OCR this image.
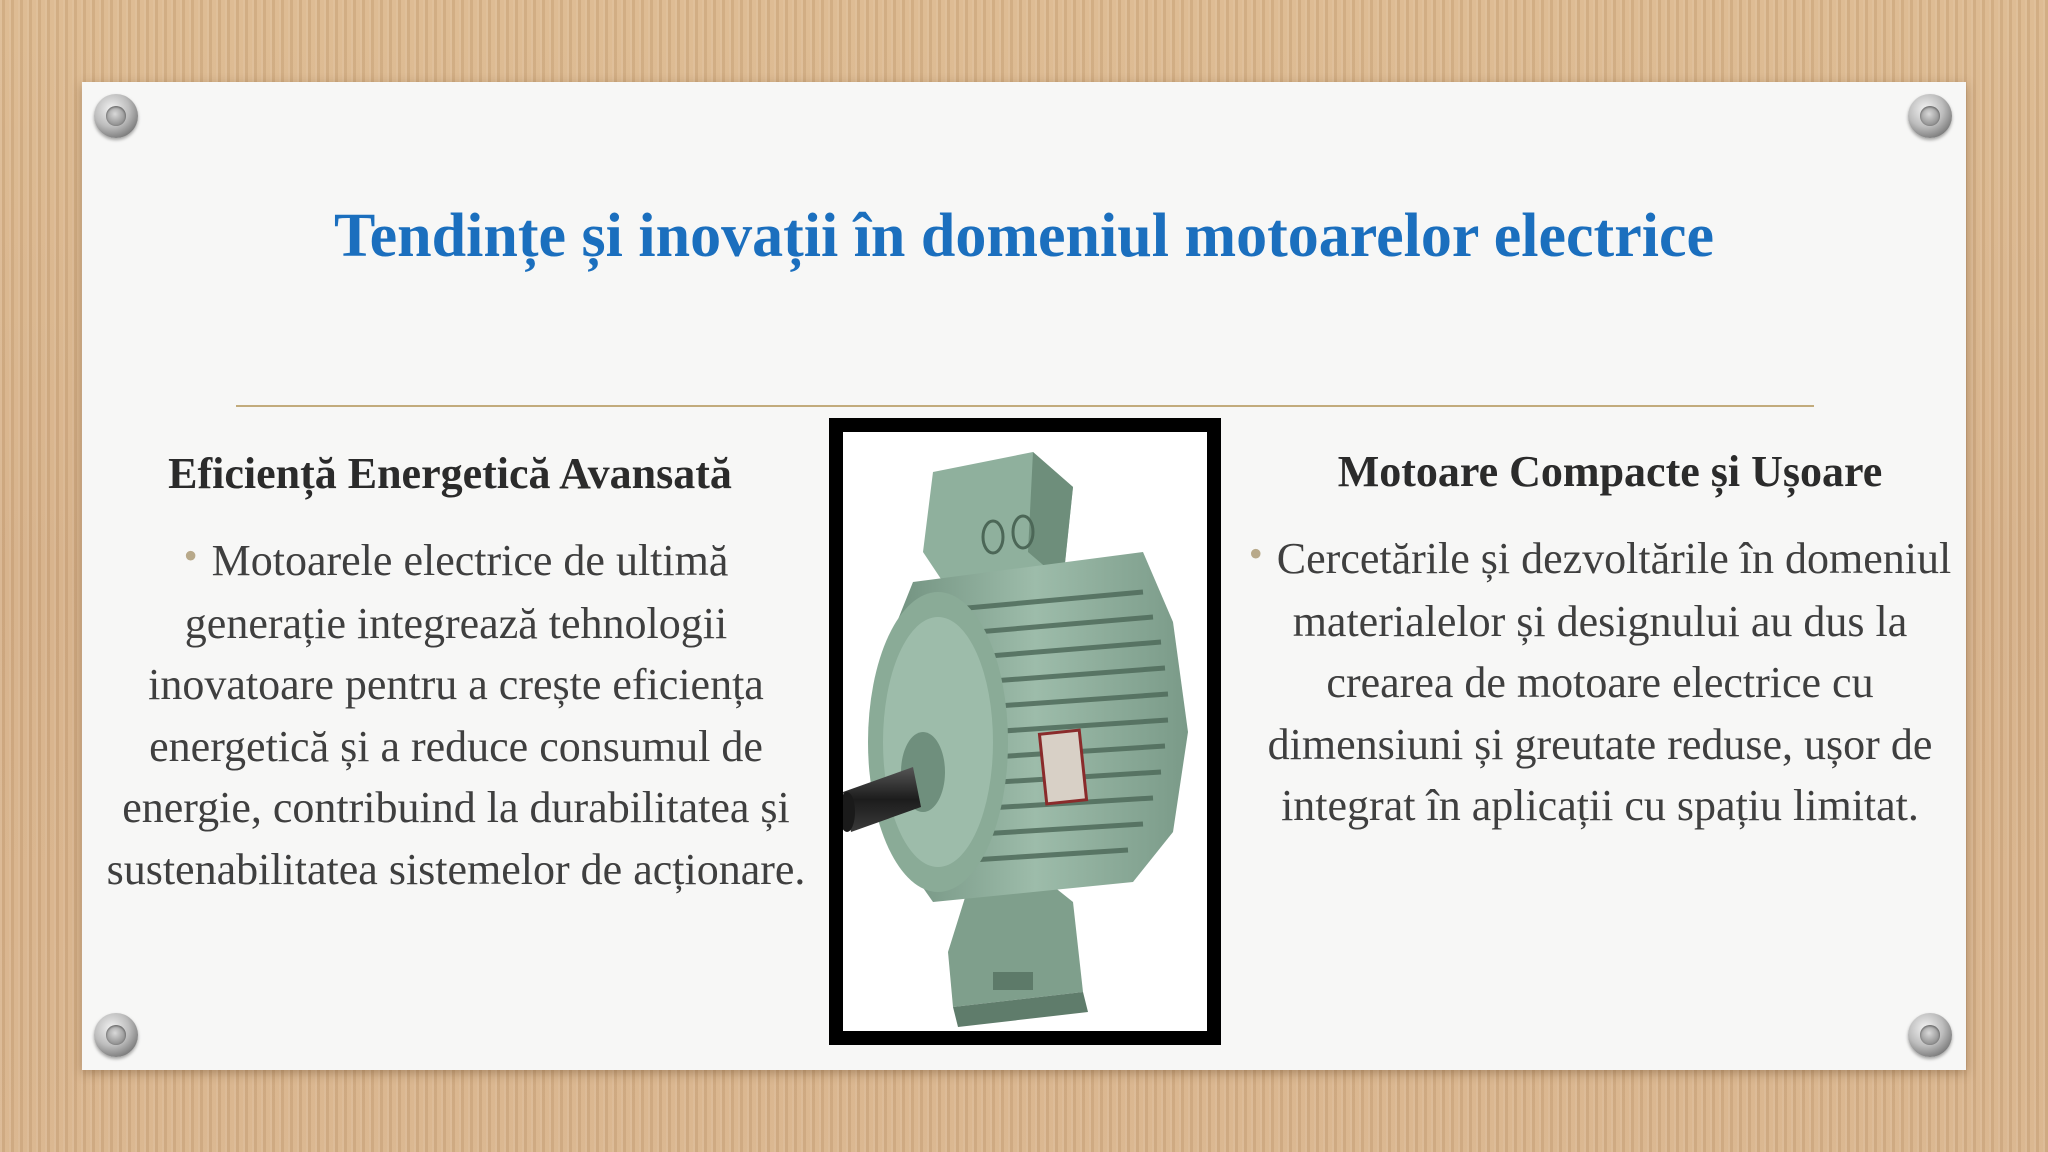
Tendințe și inovații în domeniul motoarelor electrice
Eficiență Energetică Avansată

• Motoarele electrice de ultimă generație integrează tehnologii inovatoare pentru a crește eficiența energetică și a reduce consumul de energie, contribuind la durabilitatea și sustenabilitatea sistemelor de acționare.

Motoare Compacte și Ușoare

• Cercetările și dezvoltările în domeniul materialelor și designului au dus la crearea de motoare electrice cu dimensiuni și greutate reduse, ușor de integrat în aplicații cu spațiu limitat.
